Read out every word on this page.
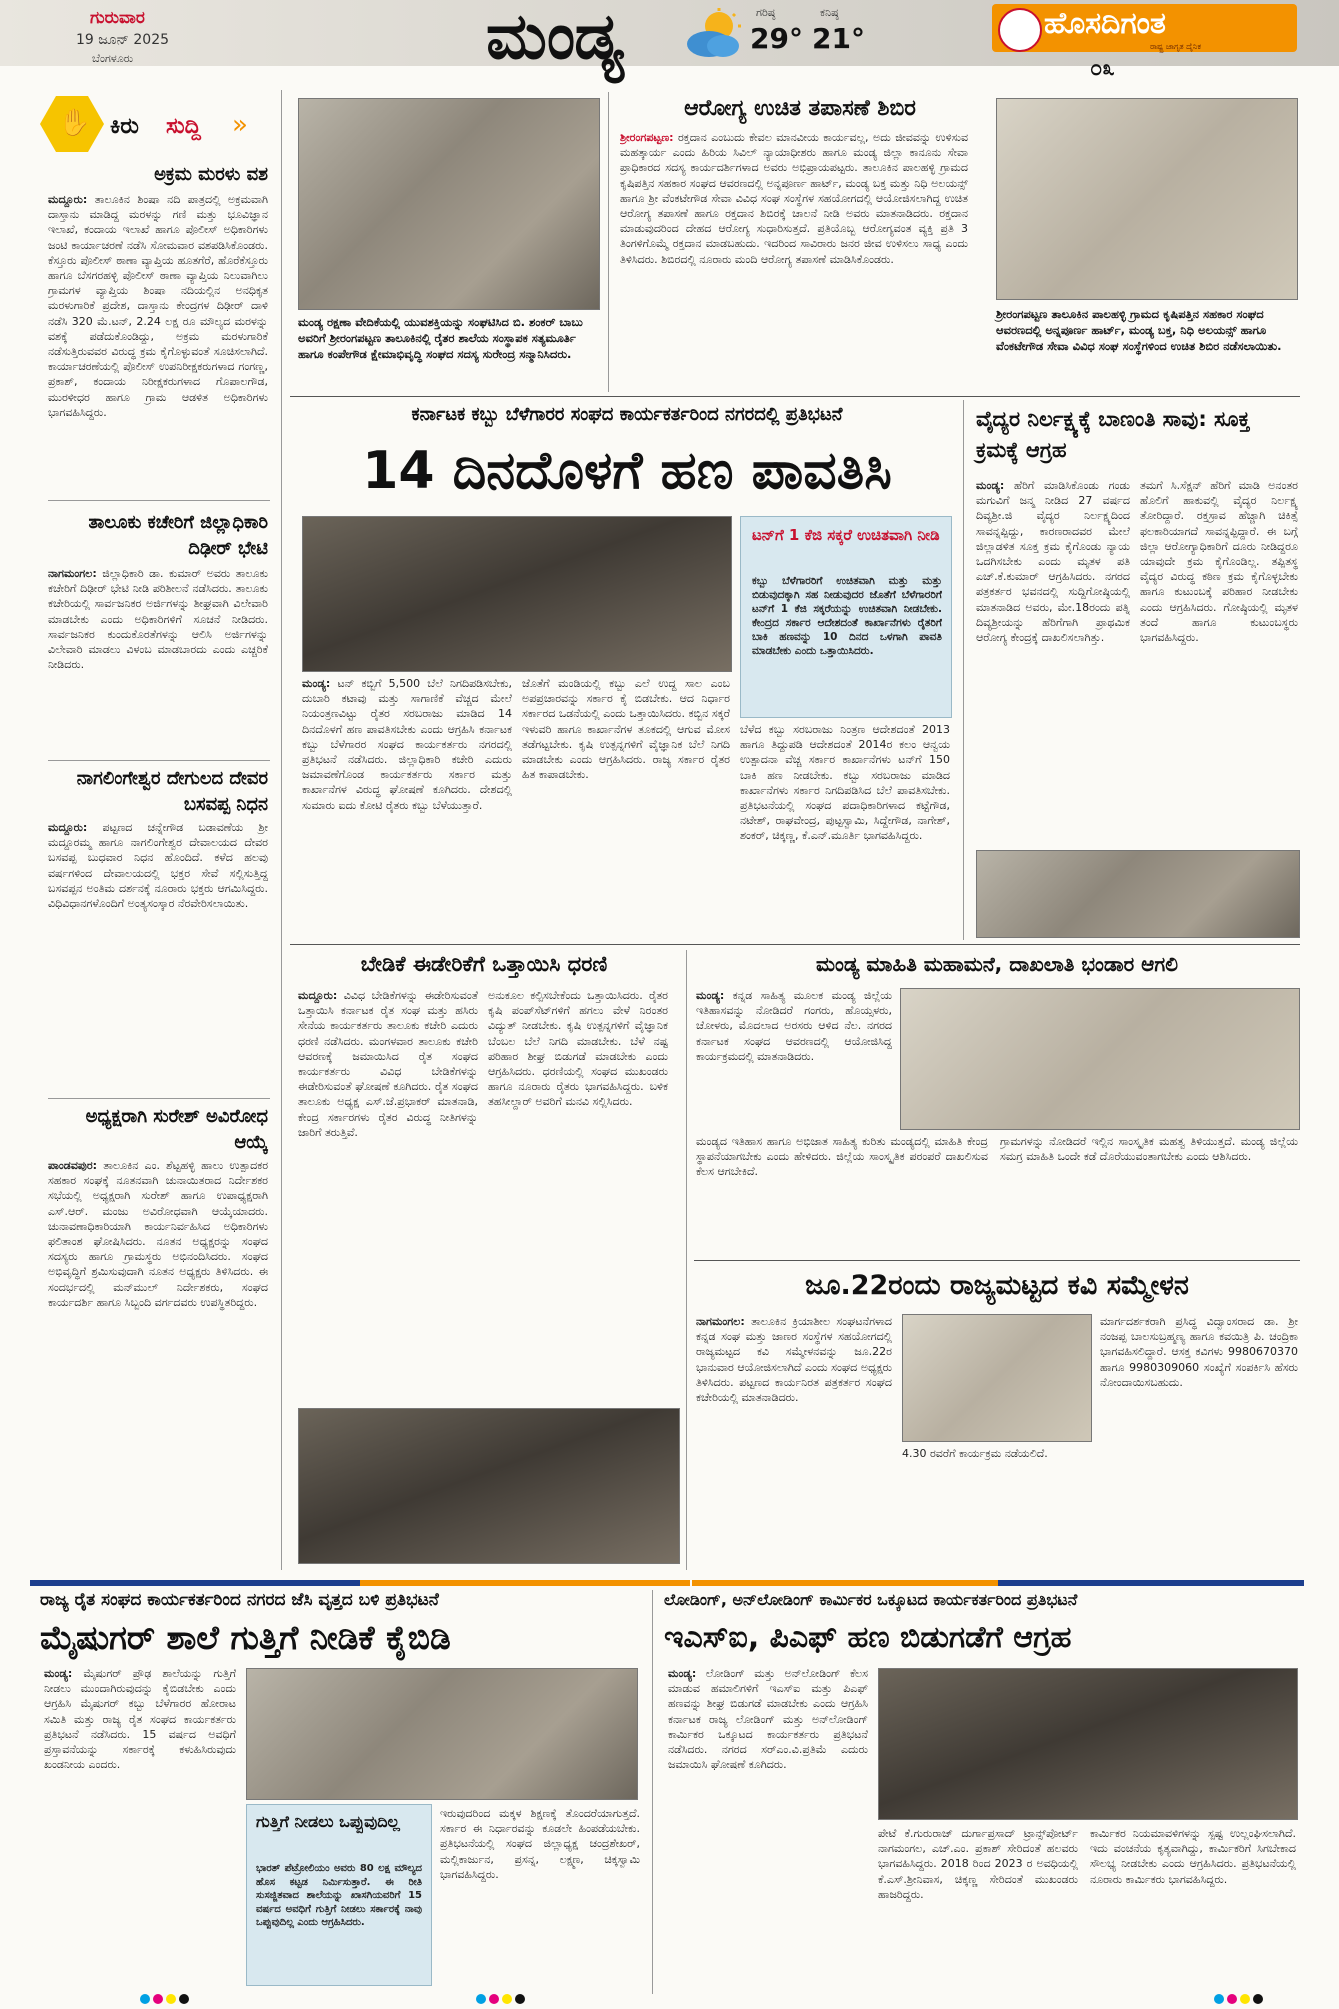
ಗುರುವಾರ
19 ಜೂನ್ 2025
ಬೆಂಗಳೂರು	ಮಂಡ್ಯ	ಗರಿಷ್ಠ
29°
ಕನಿಷ್ಠ
21°	ಹೊಸದಿಗಂತ
ರಾಷ್ಟ್ರ ಜಾಗೃತ ದೈನಿಕ
೦೩
✋ ಕಿರು ಸುದ್ದಿ »
ಅಕ್ರಮ ಮರಳು ವಶ
ಮದ್ದೂರು: ತಾಲೂಕಿನ ಶಿಂಷಾ ನದಿ ಪಾತ್ರದಲ್ಲಿ ಅಕ್ರಮವಾಗಿ ದಾಸ್ತಾನು ಮಾಡಿದ್ದ ಮರಳನ್ನು ಗಣಿ ಮತ್ತು ಭೂವಿಜ್ಞಾನ ಇಲಾಖೆ, ಕಂದಾಯ ಇಲಾಖೆ ಹಾಗೂ ಪೊಲೀಸ್ ಅಧಿಕಾರಿಗಳು ಜಂಟಿ ಕಾರ್ಯಾಚರಣೆ ನಡೆಸಿ ಸೋಮವಾರ ವಶಪಡಿಸಿಕೊಂಡರು. ಕೆಸ್ತೂರು ಪೊಲೀಸ್ ಠಾಣಾ ವ್ಯಾಪ್ತಿಯ ಹೂತಗೆರೆ, ಹೊರೆಕೆಸ್ತೂರು ಹಾಗೂ ಬೆಸಗರಹಳ್ಳಿ ಪೊಲೀಸ್ ಠಾಣಾ ವ್ಯಾಪ್ತಿಯ ನಿಲುವಾಗಿಲು ಗ್ರಾಮಗಳ ವ್ಯಾಪ್ತಿಯ ಶಿಂಷಾ ನದಿಯಲ್ಲಿನ ಅನಧಿಕೃತ ಮರಳುಗಾರಿಕೆ ಪ್ರದೇಶ, ದಾಸ್ತಾನು ಕೇಂದ್ರಗಳ ದಿಢೀರ್ ದಾಳಿ ನಡೆಸಿ 320 ಮೆ.ಟನ್, 2.24 ಲಕ್ಷ ರೂ ಮೌಲ್ಯದ ಮರಳನ್ನು ವಶಕ್ಕೆ ಪಡೆದುಕೊಂಡಿದ್ದು, ಅಕ್ರಮ ಮರಳುಗಾರಿಕೆ ನಡೆಸುತ್ತಿರುವವರ ವಿರುದ್ಧ ಕ್ರಮ ಕೈಗೊಳ್ಳುವಂತೆ ಸೂಚಿಸಲಾಗಿದೆ. ಕಾರ್ಯಾಚರಣೆಯಲ್ಲಿ ಪೊಲೀಸ್ ಉಪನಿರೀಕ್ಷಕರುಗಳಾದ ಗಂಗಣ್ಣ, ಪ್ರಕಾಶ್, ಕಂದಾಯ ನಿರೀಕ್ಷಕರುಗಳಾದ ಗೊಪಾಲಗೌಡ, ಮುರಳೀಧರ ಹಾಗೂ ಗ್ರಾಮ ಆಡಳಿತ ಅಧಿಕಾರಿಗಳು ಭಾಗವಹಿಸಿದ್ದರು.
ತಾಲೂಕು ಕಚೇರಿಗೆ ಜಿಲ್ಲಾಧಿಕಾರಿ ದಿಢೀರ್ ಭೇಟಿ
ನಾಗಮಂಗಲ: ಜಿಲ್ಲಾಧಿಕಾರಿ ಡಾ. ಕುಮಾರ್ ಅವರು ತಾಲೂಕು ಕಚೇರಿಗೆ ದಿಢೀರ್ ಭೇಟಿ ನೀಡಿ ಪರಿಶೀಲನೆ ನಡೆಸಿದರು. ತಾಲೂಕು ಕಚೇರಿಯಲ್ಲಿ ಸಾರ್ವಜನಿಕರ ಅರ್ಜಿಗಳನ್ನು ಶೀಘ್ರವಾಗಿ ವಿಲೇವಾರಿ ಮಾಡಬೇಕು ಎಂದು ಅಧಿಕಾರಿಗಳಿಗೆ ಸೂಚನೆ ನೀಡಿದರು. ಸಾರ್ವಜನಿಕರ ಕುಂದುಕೊರತೆಗಳನ್ನು ಆಲಿಸಿ ಅರ್ಜಿಗಳನ್ನು ವಿಲೇವಾರಿ ಮಾಡಲು ವಿಳಂಬ ಮಾಡಬಾರದು ಎಂದು ಎಚ್ಚರಿಕೆ ನೀಡಿದರು.
ನಾಗಲಿಂಗೇಶ್ವರ ದೇಗುಲದ ದೇವರ ಬಸವಪ್ಪ ನಿಧನ
ಮದ್ದೂರು: ಪಟ್ಟಣದ ಚನ್ನೇಗೌಡ ಬಡಾವಣೆಯ ಶ್ರೀ ಮದ್ದೂರಮ್ಮ ಹಾಗೂ ನಾಗಲಿಂಗೇಶ್ವರ ದೇವಾಲಯದ ದೇವರ ಬಸವಪ್ಪ ಬುಧವಾರ ನಿಧನ ಹೊಂದಿದೆ. ಕಳೆದ ಹಲವು ವರ್ಷಗಳಿಂದ ದೇವಾಲಯದಲ್ಲಿ ಭಕ್ತರ ಸೇವೆ ಸಲ್ಲಿಸುತ್ತಿದ್ದ ಬಸವಪ್ಪನ ಅಂತಿಮ ದರ್ಶನಕ್ಕೆ ನೂರಾರು ಭಕ್ತರು ಆಗಮಿಸಿದ್ದರು. ವಿಧಿವಿಧಾನಗಳೊಂದಿಗೆ ಅಂತ್ಯಸಂಸ್ಕಾರ ನೆರವೇರಿಸಲಾಯಿತು.
ಅಧ್ಯಕ್ಷರಾಗಿ ಸುರೇಶ್ ಅವಿರೋಧ ಆಯ್ಕೆ
ಪಾಂಡವಪುರ: ತಾಲೂಕಿನ ಎಂ. ಶೆಟ್ಟಹಳ್ಳಿ ಹಾಲು ಉತ್ಪಾದಕರ ಸಹಕಾರ ಸಂಘಕ್ಕೆ ನೂತನವಾಗಿ ಚುನಾಯಿತರಾದ ನಿರ್ದೇಶಕರ ಸಭೆಯಲ್ಲಿ ಅಧ್ಯಕ್ಷರಾಗಿ ಸುರೇಶ್ ಹಾಗೂ ಉಪಾಧ್ಯಕ್ಷರಾಗಿ ಎಸ್.ಆರ್. ಮಂಜು ಅವಿರೋಧವಾಗಿ ಆಯ್ಕೆಯಾದರು. ಚುನಾವಣಾಧಿಕಾರಿಯಾಗಿ ಕಾರ್ಯನಿರ್ವಹಿಸಿದ ಅಧಿಕಾರಿಗಳು ಫಲಿತಾಂಶ ಘೋಷಿಸಿದರು. ನೂತನ ಅಧ್ಯಕ್ಷರನ್ನು ಸಂಘದ ಸದಸ್ಯರು ಹಾಗೂ ಗ್ರಾಮಸ್ಥರು ಅಭಿನಂದಿಸಿದರು. ಸಂಘದ ಅಭಿವೃದ್ಧಿಗೆ ಶ್ರಮಿಸುವುದಾಗಿ ನೂತನ ಅಧ್ಯಕ್ಷರು ತಿಳಿಸಿದರು. ಈ ಸಂದರ್ಭದಲ್ಲಿ ಮನ್‌ಮುಲ್ ನಿರ್ದೇಶಕರು, ಸಂಘದ ಕಾರ್ಯದರ್ಶಿ ಹಾಗೂ ಸಿಬ್ಬಂದಿ ವರ್ಗದವರು ಉಪಸ್ಥಿತರಿದ್ದರು.
ಮಂಡ್ಯ ರಕ್ಷಣಾ ವೇದಿಕೆಯಲ್ಲಿ ಯುವಶಕ್ತಿಯನ್ನು ಸಂಘಟಿಸಿದ ಬಿ. ಶಂಕರ್ ಬಾಬು ಅವರಿಗೆ ಶ್ರೀರಂಗಪಟ್ಟಣ ತಾಲೂಕಿನಲ್ಲಿ ರೈತರ ಶಾಲೆಯ ಸಂಸ್ಥಾಪಕ ಸತ್ಯಮೂರ್ತಿ ಹಾಗೂ ಕಂಪೇಗೌಡ ಕ್ಷೇಮಾಭಿವೃದ್ಧಿ ಸಂಘದ ಸದಸ್ಯ ಸುರೇಂದ್ರ ಸನ್ಮಾನಿಸಿದರು.
ಆರೋಗ್ಯ ಉಚಿತ ತಪಾಸಣೆ ಶಿಬಿರ
ಶ್ರೀರಂಗಪಟ್ಟಣ: ರಕ್ತದಾನ ಎಂಬುದು ಕೇವಲ ಮಾನವೀಯ ಕಾರ್ಯವಲ್ಲ, ಅದು ಜೀವವನ್ನು ಉಳಿಸುವ ಮಹತ್ಕಾರ್ಯ ಎಂದು ಹಿರಿಯ ಸಿವಿಲ್ ನ್ಯಾಯಾಧೀಶರು ಹಾಗೂ ಮಂಡ್ಯ ಜಿಲ್ಲಾ ಕಾನೂನು ಸೇವಾ ಪ್ರಾಧಿಕಾರದ ಸದಸ್ಯ ಕಾರ್ಯದರ್ಶಿಗಳಾದ ಅವರು ಅಭಿಪ್ರಾಯಪಟ್ಟರು. ತಾಲೂಕಿನ ಪಾಲಹಳ್ಳಿ ಗ್ರಾಮದ ಕೃಷಿಪತ್ತಿನ ಸಹಕಾರ ಸಂಘದ ಆವರಣದಲ್ಲಿ ಅನ್ನಪೂರ್ಣ ಹಾರ್ಟ್, ಮಂಡ್ಯ ಬಕ್ತ ಮತ್ತು ನಿಧಿ ಅಲಯನ್ಸ್ ಹಾಗೂ ಶ್ರೀ ವೆಂಕಟೇಗೌಡ ಸೇವಾ ವಿವಿಧ ಸಂಘ ಸಂಸ್ಥೆಗಳ ಸಹಯೋಗದಲ್ಲಿ ಆಯೋಜಿಸಲಾಗಿದ್ದ ಉಚಿತ ಆರೋಗ್ಯ ತಪಾಸಣೆ ಹಾಗೂ ರಕ್ತದಾನ ಶಿಬಿರಕ್ಕೆ ಚಾಲನೆ ನೀಡಿ ಅವರು ಮಾತನಾಡಿದರು. ರಕ್ತದಾನ ಮಾಡುವುದರಿಂದ ದೇಹದ ಆರೋಗ್ಯ ಸುಧಾರಿಸುತ್ತದೆ. ಪ್ರತಿಯೊಬ್ಬ ಆರೋಗ್ಯವಂತ ವ್ಯಕ್ತಿ ಪ್ರತಿ 3 ತಿಂಗಳಿಗೊಮ್ಮೆ ರಕ್ತದಾನ ಮಾಡಬಹುದು. ಇದರಿಂದ ಸಾವಿರಾರು ಜನರ ಜೀವ ಉಳಿಸಲು ಸಾಧ್ಯ ಎಂದು ತಿಳಿಸಿದರು. ಶಿಬಿರದಲ್ಲಿ ನೂರಾರು ಮಂದಿ ಆರೋಗ್ಯ ತಪಾಸಣೆ ಮಾಡಿಸಿಕೊಂಡರು.
ಶ್ರೀರಂಗಪಟ್ಟಣ ತಾಲೂಕಿನ ಪಾಲಹಳ್ಳಿ ಗ್ರಾಮದ ಕೃಷಿಪತ್ತಿನ ಸಹಕಾರ ಸಂಘದ ಆವರಣದಲ್ಲಿ ಅನ್ನಪೂರ್ಣ ಹಾರ್ಟ್, ಮಂಡ್ಯ ಬಕ್ತ, ನಿಧಿ ಅಲಯನ್ಸ್ ಹಾಗೂ ವೆಂಕಟೇಗೌಡ ಸೇವಾ ವಿವಿಧ ಸಂಘ ಸಂಸ್ಥೆಗಳಿಂದ ಉಚಿತ ಶಿಬಿರ ನಡೆಸಲಾಯಿತು.
ಕರ್ನಾಟಕ ಕಬ್ಬು ಬೆಳೆಗಾರರ ಸಂಘದ ಕಾರ್ಯಕರ್ತರಿಂದ ನಗರದಲ್ಲಿ ಪ್ರತಿಭಟನೆ
14 ದಿನದೊಳಗೆ ಹಣ ಪಾವತಿಸಿ
ಟನ್‌ಗೆ 1 ಕೆಜಿ ಸಕ್ಕರೆ ಉಚಿತವಾಗಿ ನೀಡಿ
ಕಬ್ಬು ಬೆಳೆಗಾರರಿಗೆ ಉಚಿತವಾಗಿ ಮತ್ತು ಮತ್ತು ಬಿಡುವುದಕ್ಕಾಗಿ ಸಹ ನೀಡುವುದರ ಜೊತೆಗೆ ಬೆಳೆಗಾರರಿಗೆ ಟನ್‌ಗೆ 1 ಕೆಜಿ ಸಕ್ಕರೆಯನ್ನು ಉಚಿತವಾಗಿ ನೀಡಬೇಕು. ಕೇಂದ್ರದ ಸರ್ಕಾರ ಆದೇಶದಂತೆ ಕಾರ್ಖಾನೆಗಳು ರೈತರಿಗೆ ಬಾಕಿ ಹಣವನ್ನು 10 ದಿನದ ಒಳಗಾಗಿ ಪಾವತಿ ಮಾಡಬೇಕು ಎಂದು ಒತ್ತಾಯಿಸಿದರು.
ಮಂಡ್ಯ: ಟನ್ ಕಬ್ಬಿಗೆ 5,500 ಬೆಲೆ ನಿಗದಿಪಡಿಸಬೇಕು, ದುಬಾರಿ ಕಟಾವು ಮತ್ತು ಸಾಗಾಣಿಕೆ ವೆಚ್ಚದ ಮೇಲೆ ನಿಯಂತ್ರಣವಿಟ್ಟು ರೈತರ ಸರಬರಾಜು ಮಾಡಿದ 14 ದಿನದೊಳಗೆ ಹಣ ಪಾವತಿಸಬೇಕು ಎಂದು ಆಗ್ರಹಿಸಿ ಕರ್ನಾಟಕ ಕಬ್ಬು ಬೆಳೆಗಾರರ ಸಂಘದ ಕಾರ್ಯಕರ್ತರು ನಗರದಲ್ಲಿ ಪ್ರತಿಭಟನೆ ನಡೆಸಿದರು. ಜಿಲ್ಲಾಧಿಕಾರಿ ಕಚೇರಿ ಎದುರು ಜಮಾವಣೆಗೊಂಡ ಕಾರ್ಯಕರ್ತರು ಸರ್ಕಾರ ಮತ್ತು ಕಾರ್ಖಾನೆಗಳ ವಿರುದ್ಧ ಘೋಷಣೆ ಕೂಗಿದರು. ದೇಶದಲ್ಲಿ ಸುಮಾರು ಐದು ಕೋಟಿ ರೈತರು ಕಬ್ಬು ಬೆಳೆಯುತ್ತಾರೆ.
ಜೊತೆಗೆ ಮಂಡಿಯಲ್ಲಿ ಕಬ್ಬು ಎಲೆ ಉದ್ದ ಸಾಲ ಎಂಬ ಅಪಪ್ರಚಾರವನ್ನು ಸರ್ಕಾರ ಕೈ ಬಿಡಬೇಕು. ಆದ ನಿರ್ಧಾರ ಸರ್ಕಾರದ ಒಡನೆಯಲ್ಲಿ ಎಂದು ಒತ್ತಾಯಿಸಿದರು. ಕಬ್ಬಿನ ಸಕ್ಕರೆ ಇಳುವರಿ ಹಾಗೂ ಕಾರ್ಖಾನೆಗಳ ತೂಕದಲ್ಲಿ ಆಗುವ ಮೋಸ ತಡೆಗಟ್ಟಬೇಕು. ಕೃಷಿ ಉತ್ಪನ್ನಗಳಿಗೆ ವೈಜ್ಞಾನಿಕ ಬೆಲೆ ನಿಗದಿ ಮಾಡಬೇಕು ಎಂದು ಆಗ್ರಹಿಸಿದರು. ರಾಜ್ಯ ಸರ್ಕಾರ ರೈತರ ಹಿತ ಕಾಪಾಡಬೇಕು.
ಬೆಳೆದ ಕಬ್ಬು ಸರಬರಾಜು ನಿಂತ್ರಣ ಆದೇಶದಂತೆ 2013 ಹಾಗೂ ತಿದ್ದುಪಡಿ ಆದೇಶದಂತೆ 2014ರ ಕಲಂ ಆನ್ವಯ ಉತ್ಪಾದನಾ ವೆಚ್ಚ ಸರ್ಕಾರ ಕಾರ್ಖಾನೆಗಳು ಟನ್‌ಗೆ 150 ಬಾಕಿ ಹಣ ನೀಡಬೇಕು. ಕಬ್ಬು ಸರಬರಾಜು ಮಾಡಿದ ಕಾರ್ಖಾನೆಗಳು ಸರ್ಕಾರ ನಿಗದಿಪಡಿಸಿದ ಬೆಲೆ ಪಾವತಿಸಬೇಕು. ಪ್ರತಿಭಟನೆಯಲ್ಲಿ ಸಂಘದ ಪದಾಧಿಕಾರಿಗಳಾದ ಕಟ್ಟೆಗೌಡ, ನಟೇಶ್, ರಾಘವೇಂದ್ರ, ಪುಟ್ಟಸ್ವಾಮಿ, ಸಿದ್ದೇಗೌಡ, ನಾಗೇಶ್, ಶಂಕರ್, ಚಿಕ್ಕಣ್ಣ, ಕೆ.ಎನ್.ಮೂರ್ತಿ ಭಾಗವಹಿಸಿದ್ದರು.
ವೈದ್ಯರ ನಿರ್ಲಕ್ಷ್ಯಕ್ಕೆ ಬಾಣಂತಿ ಸಾವು: ಸೂಕ್ತ ಕ್ರಮಕ್ಕೆ ಆಗ್ರಹ
ಮಂಡ್ಯ: ಹೆರಿಗೆ ಮಾಡಿಸಿಕೊಂಡು ಗಂಡು ಮಗುವಿಗೆ ಜನ್ಮ ನೀಡಿದ 27 ವರ್ಷದ ದಿವ್ಯಶ್ರೀ.ಜಿ ವೈದ್ಯರ ನಿರ್ಲಕ್ಷ್ಯದಿಂದ ಸಾವನ್ನಪ್ಪಿದ್ದು, ಕಾರಣರಾದವರ ಮೇಲೆ ಜಿಲ್ಲಾಡಳಿತ ಸೂಕ್ತ ಕ್ರಮ ಕೈಗೊಂಡು ನ್ಯಾಯ ಒದಗಿಸಬೇಕು ಎಂದು ಮೃತಳ ಪತಿ ಎಚ್.ಕೆ.ಕುಮಾರ್ ಆಗ್ರಹಿಸಿದರು. ನಗರದ ಪತ್ರಕರ್ತರ ಭವನದಲ್ಲಿ ಸುದ್ದಿಗೋಷ್ಠಿಯಲ್ಲಿ ಮಾತನಾಡಿದ ಅವರು, ಮೇ.18ರಂದು ಪತ್ನಿ ದಿವ್ಯಶ್ರೀಯನ್ನು ಹೆರಿಗೆಗಾಗಿ ಪ್ರಾಥಮಿಕ ಆರೋಗ್ಯ ಕೇಂದ್ರಕ್ಕೆ ದಾಖಲಿಸಲಾಗಿತ್ತು.
ತಮಗೆ ಸಿ.ಸೆಕ್ಷನ್ ಹೆರಿಗೆ ಮಾಡಿ ಅನಂತರ ಹೊಲಿಗೆ ಹಾಕುವಲ್ಲಿ ವೈದ್ಯರ ನಿರ್ಲಕ್ಷ್ಯ ತೋರಿದ್ದಾರೆ. ರಕ್ತಸ್ರಾವ ಹೆಚ್ಚಾಗಿ ಚಿಕಿತ್ಸೆ ಫಲಕಾರಿಯಾಗದೆ ಸಾವನ್ನಪ್ಪಿದ್ದಾರೆ. ಈ ಬಗ್ಗೆ ಜಿಲ್ಲಾ ಆರೋಗ್ಯಾಧಿಕಾರಿಗೆ ದೂರು ನೀಡಿದ್ದರೂ ಯಾವುದೇ ಕ್ರಮ ಕೈಗೊಂಡಿಲ್ಲ. ತಪ್ಪಿತಸ್ಥ ವೈದ್ಯರ ವಿರುದ್ಧ ಕಠಿಣ ಕ್ರಮ ಕೈಗೊಳ್ಳಬೇಕು ಹಾಗೂ ಕುಟುಂಬಕ್ಕೆ ಪರಿಹಾರ ನೀಡಬೇಕು ಎಂದು ಆಗ್ರಹಿಸಿದರು. ಗೋಷ್ಠಿಯಲ್ಲಿ ಮೃತಳ ತಂದೆ ಹಾಗೂ ಕುಟುಂಬಸ್ಥರು ಭಾಗವಹಿಸಿದ್ದರು.
ಬೇಡಿಕೆ ಈಡೇರಿಕೆಗೆ ಒತ್ತಾಯಿಸಿ ಧರಣಿ
ಮದ್ದೂರು: ವಿವಿಧ ಬೇಡಿಕೆಗಳನ್ನು ಈಡೇರಿಸುವಂತೆ ಒತ್ತಾಯಿಸಿ ಕರ್ನಾಟಕ ರೈತ ಸಂಘ ಮತ್ತು ಹಸಿರು ಸೇನೆಯ ಕಾರ್ಯಕರ್ತರು ತಾಲೂಕು ಕಚೇರಿ ಎದುರು ಧರಣಿ ನಡೆಸಿದರು. ಮಂಗಳವಾರ ತಾಲೂಕು ಕಚೇರಿ ಆವರಣಕ್ಕೆ ಜಮಾಯಿಸಿದ ರೈತ ಸಂಘದ ಕಾರ್ಯಕರ್ತರು ವಿವಿಧ ಬೇಡಿಕೆಗಳನ್ನು ಈಡೇರಿಸುವಂತೆ ಘೋಷಣೆ ಕೂಗಿದರು. ರೈತ ಸಂಘದ ತಾಲೂಕು ಅಧ್ಯಕ್ಷ ಎಸ್.ಜೆ.ಪ್ರಭಾಕರ್ ಮಾತನಾಡಿ, ಕೇಂದ್ರ ಸರ್ಕಾರಗಳು ರೈತರ ವಿರುದ್ಧ ನೀತಿಗಳನ್ನು ಜಾರಿಗೆ ತರುತ್ತಿವೆ.
ಅನುಕೂಲ ಕಲ್ಪಿಸಬೇಕೆಂದು ಒತ್ತಾಯಿಸಿದರು. ರೈತರ ಕೃಷಿ ಪಂಪ್‌ಸೆಟ್‌ಗಳಿಗೆ ಹಗಲು ವೇಳೆ ನಿರಂತರ ವಿದ್ಯುತ್ ನೀಡಬೇಕು. ಕೃಷಿ ಉತ್ಪನ್ನಗಳಿಗೆ ವೈಜ್ಞಾನಿಕ ಬೆಂಬಲ ಬೆಲೆ ನಿಗದಿ ಮಾಡಬೇಕು. ಬೆಳೆ ನಷ್ಟ ಪರಿಹಾರ ಶೀಘ್ರ ಬಿಡುಗಡೆ ಮಾಡಬೇಕು ಎಂದು ಆಗ್ರಹಿಸಿದರು. ಧರಣಿಯಲ್ಲಿ ಸಂಘದ ಮುಖಂಡರು ಹಾಗೂ ನೂರಾರು ರೈತರು ಭಾಗವಹಿಸಿದ್ದರು. ಬಳಿಕ ತಹಸೀಲ್ದಾರ್ ಅವರಿಗೆ ಮನವಿ ಸಲ್ಲಿಸಿದರು.
ಮಂಡ್ಯ ಮಾಹಿತಿ ಮಹಾಮನೆ, ದಾಖಲಾತಿ ಭಂಡಾರ ಆಗಲಿ
ಮಂಡ್ಯ: ಕನ್ನಡ ಸಾಹಿತ್ಯ ಮೂಲಕ ಮಂಡ್ಯ ಜಿಲ್ಲೆಯ ಇತಿಹಾಸವನ್ನು ನೋಡಿದರೆ ಗಂಗರು, ಹೊಯ್ಸಳರು, ಚೋಳರು, ಮೊದಲಾದ ಅರಸರು ಆಳಿದ ನೆಲ. ನಗರದ ಕರ್ನಾಟಕ ಸಂಘದ ಆವರಣದಲ್ಲಿ ಆಯೋಜಿಸಿದ್ದ ಕಾರ್ಯಕ್ರಮದಲ್ಲಿ ಮಾತನಾಡಿದರು.
ಮಂಡ್ಯದ ಇತಿಹಾಸ ಹಾಗೂ ಅಭಿಜಾತ ಸಾಹಿತ್ಯ ಕುರಿತು ಮಂಡ್ಯದಲ್ಲಿ ಮಾಹಿತಿ ಕೇಂದ್ರ ಸ್ಥಾಪನೆಯಾಗಬೇಕು ಎಂದು ಹೇಳಿದರು. ಜಿಲ್ಲೆಯ ಸಾಂಸ್ಕೃತಿಕ ಪರಂಪರೆ ದಾಖಲಿಸುವ ಕೆಲಸ ಆಗಬೇಕಿದೆ.
ಗ್ರಾಮಗಳನ್ನು ನೋಡಿದರೆ ಇಲ್ಲಿನ ಸಾಂಸ್ಕೃತಿಕ ಮಹತ್ವ ತಿಳಿಯುತ್ತದೆ. ಮಂಡ್ಯ ಜಿಲ್ಲೆಯ ಸಮಗ್ರ ಮಾಹಿತಿ ಒಂದೇ ಕಡೆ ದೊರೆಯುವಂತಾಗಬೇಕು ಎಂದು ಆಶಿಸಿದರು.
ಜೂ.22ರಂದು ರಾಜ್ಯಮಟ್ಟದ ಕವಿ ಸಮ್ಮೇಳನ
ನಾಗಮಂಗಲ: ತಾಲೂಕಿನ ಕ್ರಿಯಾಶೀಲ ಸಂಘಟನೆಗಳಾದ ಕನ್ನಡ ಸಂಘ ಮತ್ತು ಜಾಣರ ಸಂಸ್ಥೆಗಳ ಸಹಯೋಗದಲ್ಲಿ ರಾಜ್ಯಮಟ್ಟದ ಕವಿ ಸಮ್ಮೇಳನವನ್ನು ಜೂ.22ರ ಭಾನುವಾರ ಆಯೋಜಿಸಲಾಗಿದೆ ಎಂದು ಸಂಘದ ಅಧ್ಯಕ್ಷರು ತಿಳಿಸಿದರು. ಪಟ್ಟಣದ ಕಾರ್ಯನಿರತ ಪತ್ರಕರ್ತರ ಸಂಘದ ಕಚೇರಿಯಲ್ಲಿ ಮಾತನಾಡಿದರು.
4.30 ರವರೆಗೆ ಕಾರ್ಯಕ್ರಮ ನಡೆಯಲಿದೆ.
ಮಾರ್ಗದರ್ಶಕರಾಗಿ ಪ್ರಸಿದ್ಧ ವಿದ್ವಾಂಸರಾದ ಡಾ. ಶ್ರೀ ನಂಜಪ್ಪ ಬಾಲಸುಬ್ರಹ್ಮಣ್ಯ ಹಾಗೂ ಕವಯಿತ್ರಿ ಪಿ. ಚಂದ್ರಿಕಾ ಭಾಗವಹಿಸಲಿದ್ದಾರೆ. ಆಸಕ್ತ ಕವಿಗಳು 9980670370 ಹಾಗೂ 9980309060 ಸಂಖ್ಯೆಗೆ ಸಂಪರ್ಕಿಸಿ ಹೆಸರು ನೋಂದಾಯಿಸಬಹುದು.
ರಾಜ್ಯ ರೈತ ಸಂಘದ ಕಾರ್ಯಕರ್ತರಿಂದ ನಗರದ ಜೆಸಿ ವೃತ್ತದ ಬಳಿ ಪ್ರತಿಭಟನೆ
ಮೈಷುಗರ್ ಶಾಲೆ ಗುತ್ತಿಗೆ ನೀಡಿಕೆ ಕೈಬಿಡಿ
ಮಂಡ್ಯ: ಮೈಷುಗರ್ ಪ್ರೌಢ ಶಾಲೆಯನ್ನು ಗುತ್ತಿಗೆ ನೀಡಲು ಮುಂದಾಗಿರುವುದನ್ನು ಕೈಬಿಡಬೇಕು ಎಂದು ಆಗ್ರಹಿಸಿ ಮೈಷುಗರ್ ಕಬ್ಬು ಬೆಳೆಗಾರರ ಹೋರಾಟ ಸಮಿತಿ ಮತ್ತು ರಾಜ್ಯ ರೈತ ಸಂಘದ ಕಾರ್ಯಕರ್ತರು ಪ್ರತಿಭಟನೆ ನಡೆಸಿದರು. 15 ವರ್ಷದ ಅವಧಿಗೆ ಪ್ರಸ್ತಾವನೆಯನ್ನು ಸರ್ಕಾರಕ್ಕೆ ಕಳುಹಿಸಿರುವುದು ಖಂಡನೀಯ ಎಂದರು.
ಗುತ್ತಿಗೆ ನೀಡಲು ಒಪ್ಪುವುದಿಲ್ಲ
ಭಾರತ್ ಪೆಟ್ರೋಲಿಯಂ ಅವರು 80 ಲಕ್ಷ ಮೌಲ್ಯದ ಹೊಸ ಕಟ್ಟಡ ನಿರ್ಮಿಸುತ್ತಾರೆ. ಈ ರೀತಿ ಸುಸಜ್ಜಿತವಾದ ಶಾಲೆಯನ್ನು ಖಾಸಗಿಯವರಿಗೆ 15 ವರ್ಷದ ಅವಧಿಗೆ ಗುತ್ತಿಗೆ ನೀಡಲು ಸರ್ಕಾರಕ್ಕೆ ನಾವು ಒಪ್ಪುವುದಿಲ್ಲ ಎಂದು ಆಗ್ರಹಿಸಿದರು.
ಇರುವುದರಿಂದ ಮಕ್ಕಳ ಶಿಕ್ಷಣಕ್ಕೆ ತೊಂದರೆಯಾಗುತ್ತದೆ. ಸರ್ಕಾರ ಈ ನಿರ್ಧಾರವನ್ನು ಕೂಡಲೇ ಹಿಂಪಡೆಯಬೇಕು. ಪ್ರತಿಭಟನೆಯಲ್ಲಿ ಸಂಘದ ಜಿಲ್ಲಾಧ್ಯಕ್ಷ ಚಂದ್ರಶೇಖರ್, ಮಲ್ಲಿಕಾರ್ಜುನ, ಪ್ರಸನ್ನ, ಲಕ್ಷ್ಮಣ, ಚಿಕ್ಕಸ್ವಾಮಿ ಭಾಗವಹಿಸಿದ್ದರು.
ಲೋಡಿಂಗ್, ಅನ್‌ಲೋಡಿಂಗ್ ಕಾರ್ಮಿಕರ ಒಕ್ಕೂಟದ ಕಾರ್ಯಕರ್ತರಿಂದ ಪ್ರತಿಭಟನೆ
ಇಎಸ್‌ಐ, ಪಿಎಫ್ ಹಣ ಬಿಡುಗಡೆಗೆ ಆಗ್ರಹ
ಮಂಡ್ಯ: ಲೋಡಿಂಗ್ ಮತ್ತು ಅನ್‌ಲೋಡಿಂಗ್ ಕೆಲಸ ಮಾಡುವ ಹಮಾಲಿಗಳಿಗೆ ಇಎಸ್‌ಐ ಮತ್ತು ಪಿಎಫ್ ಹಣವನ್ನು ಶೀಘ್ರ ಬಿಡುಗಡೆ ಮಾಡಬೇಕು ಎಂದು ಆಗ್ರಹಿಸಿ ಕರ್ನಾಟಕ ರಾಜ್ಯ ಲೋಡಿಂಗ್ ಮತ್ತು ಅನ್‌ಲೋಡಿಂಗ್ ಕಾರ್ಮಿಕರ ಒಕ್ಕೂಟದ ಕಾರ್ಯಕರ್ತರು ಪ್ರತಿಭಟನೆ ನಡೆಸಿದರು. ನಗರದ ಸರ್‌ಎಂ.ವಿ.ಪ್ರತಿಮೆ ಎದುರು ಜಮಾಯಿಸಿ ಘೋಷಣೆ ಕೂಗಿದರು.
ಪೇಟೆ ಕೆ.ಗುರುರಾಜ್ ದುರ್ಗಾಪ್ರಸಾದ್ ಟ್ರಾನ್ಸ್‌ಪೋರ್ಟ್ ನಾಗಮಂಗಲ, ಎಚ್.ಎಂ. ಪ್ರಕಾಶ್ ಸೇರಿದಂತೆ ಹಲವರು ಭಾಗವಹಿಸಿದ್ದರು. 2018 ರಿಂದ 2023 ರ ಅವಧಿಯಲ್ಲಿ ಕೆ.ಎಸ್.ಶ್ರೀನಿವಾಸ, ಚಿಕ್ಕಣ್ಣ ಸೇರಿದಂತೆ ಮುಖಂಡರು ಹಾಜರಿದ್ದರು.
ಕಾರ್ಮಿಕರ ನಿಯಮಾವಳಿಗಳನ್ನು ಸ್ಪಷ್ಟ ಉಲ್ಲಂಘಿಸಲಾಗಿದೆ. ಇದು ವಂಚನೆಯ ಕೃತ್ಯವಾಗಿದ್ದು, ಕಾರ್ಮಿಕರಿಗೆ ಸಿಗಬೇಕಾದ ಸೌಲಭ್ಯ ನೀಡಬೇಕು ಎಂದು ಆಗ್ರಹಿಸಿದರು. ಪ್ರತಿಭಟನೆಯಲ್ಲಿ ನೂರಾರು ಕಾರ್ಮಿಕರು ಭಾಗವಹಿಸಿದ್ದರು.
